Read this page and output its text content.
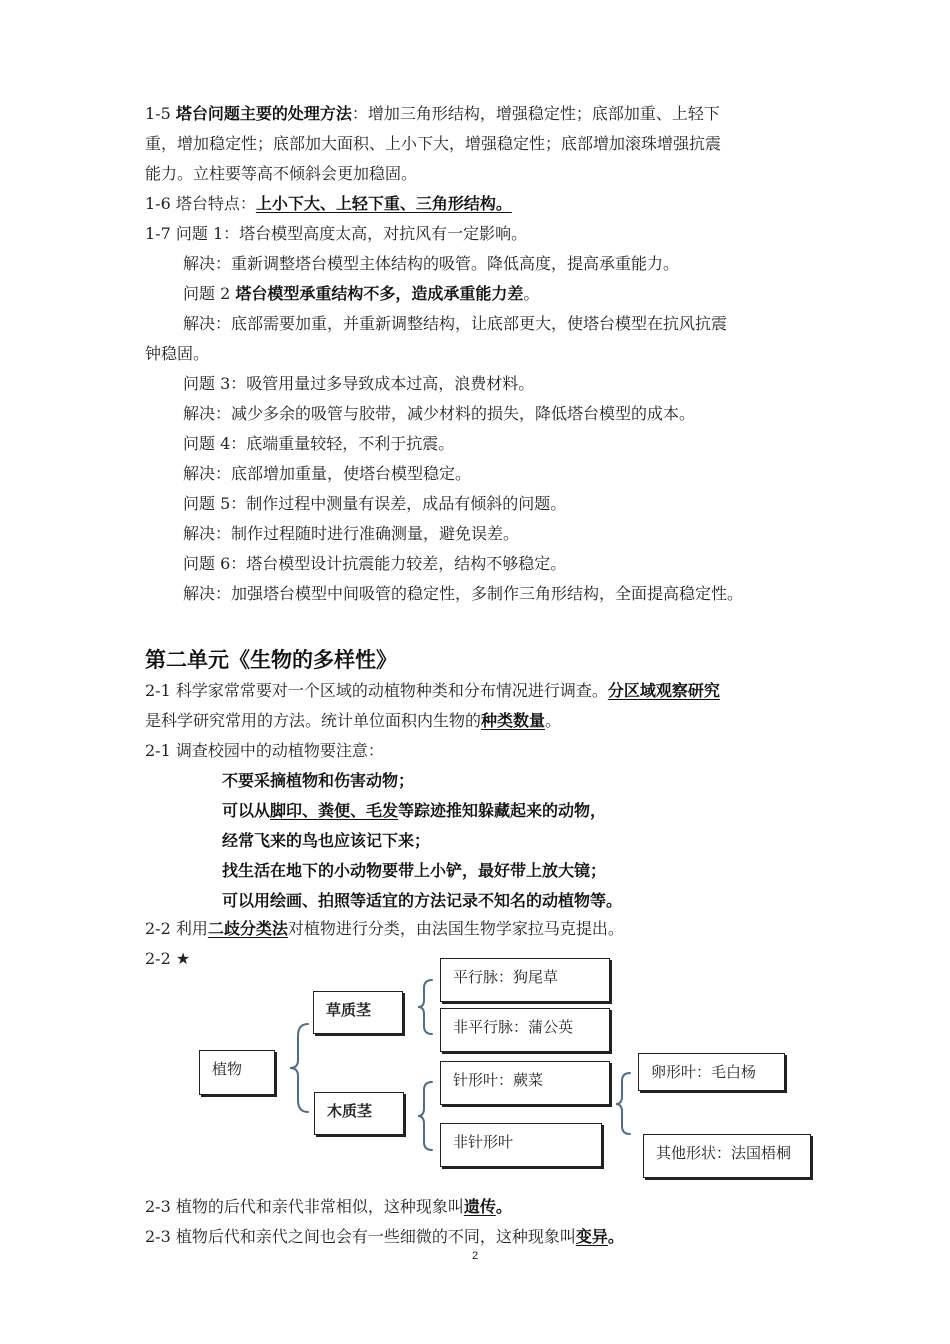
1-5 塔台问题主要的处理方法：增加三角形结构，增强稳定性；底部加重、上轻下
重，增加稳定性；底部加大面积、上小下大，增强稳定性；底部增加滚珠增强抗震
能力。立柱要等高不倾斜会更加稳固。
1-6 塔台特点：上小下大、上轻下重、三角形结构。
1-7 问题 1：塔台模型高度太高，对抗风有一定影响。
解决：重新调整塔台模型主体结构的吸管。降低高度，提高承重能力。
问题 2 塔台模型承重结构不多，造成承重能力差。
解决：底部需要加重，并重新调整结构，让底部更大，使塔台模型在抗风抗震
钟稳固。
问题 3：吸管用量过多导致成本过高，浪费材料。
解决：减少多余的吸管与胶带，减少材料的损失，降低塔台模型的成本。
问题 4：底端重量较轻，不利于抗震。
解决：底部增加重量，使塔台模型稳定。
问题 5：制作过程中测量有误差，成品有倾斜的问题。
解决：制作过程随时进行准确测量，避免误差。
问题 6：塔台模型设计抗震能力较差，结构不够稳定。
解决：加强塔台模型中间吸管的稳定性，多制作三角形结构，全面提高稳定性。
第二单元《生物的多样性》
2-1 科学家常常要对一个区域的动植物种类和分布情况进行调查。分区域观察研究
是科学研究常用的方法。统计单位面积内生物的种类数量。
2-1 调查校园中的动植物要注意：
不要采摘植物和伤害动物；
可以从脚印、粪便、毛发等踪迹推知躲藏起来的动物，
经常飞来的鸟也应该记下来；
找生活在地下的小动物要带上小铲，最好带上放大镜；
可以用绘画、拍照等适宜的方法记录不知名的动植物等。
2-2 利用二歧分类法对植物进行分类，由法国生物学家拉马克提出。
2-2 ★
植物
草质茎
木质茎
平行脉：狗尾草
非平行脉：蒲公英
针形叶：蕨菜
非针形叶
卵形叶：毛白杨
其他形状：法国梧桐
2-3 植物的后代和亲代非常相似，这种现象叫遗传。
2-3 植物后代和亲代之间也会有一些细微的不同，这种现象叫变异。
2
